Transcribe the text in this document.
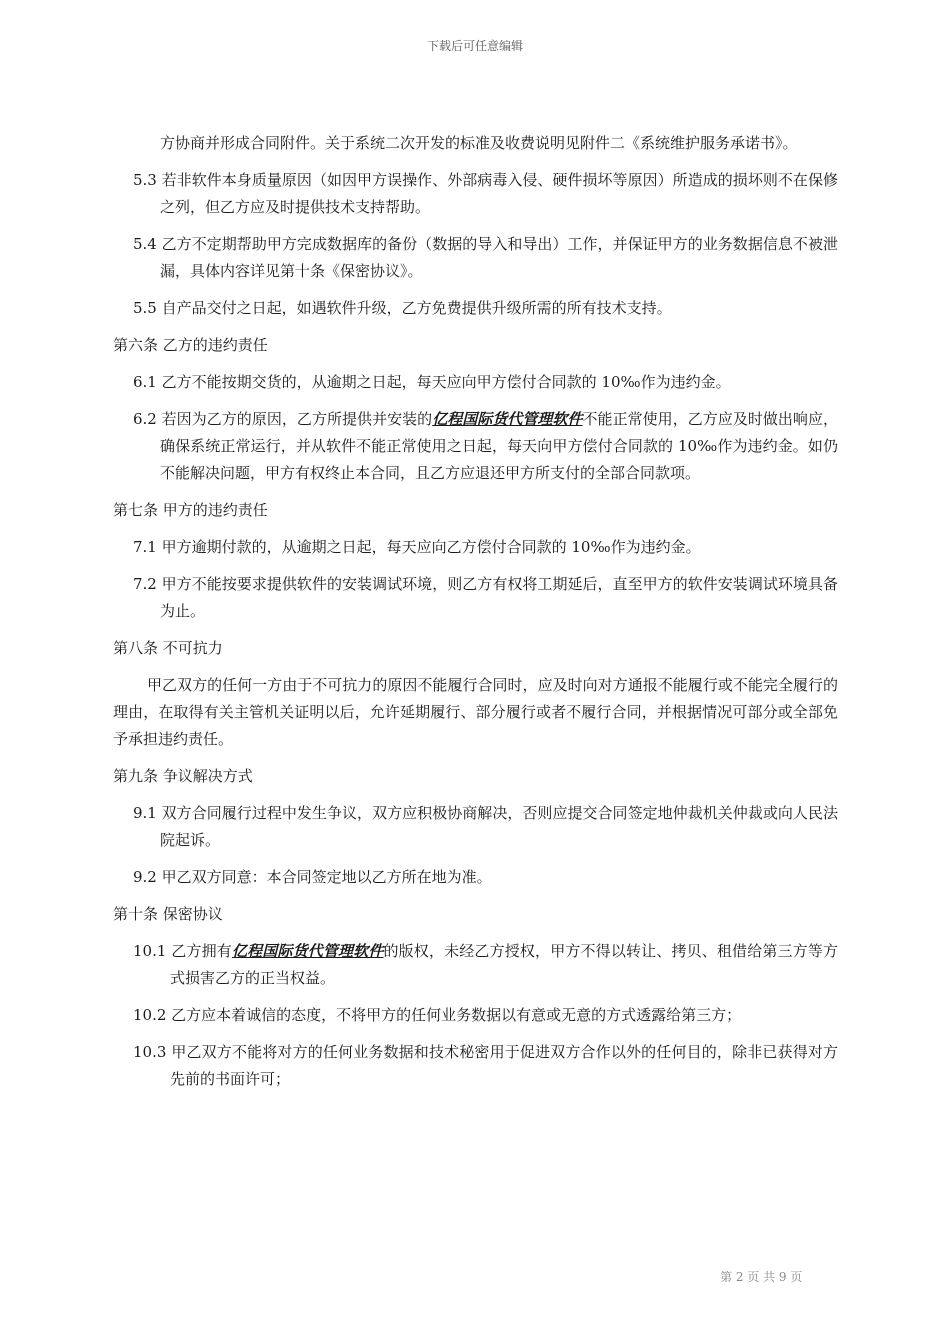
下载后可任意编辑

方协商并形成合同附件。关于系统二次开发的标准及收费说明见附件二《系统维护服务承诺书》。

5.3 若非软件本身质量原因（如因甲方误操作、外部病毒入侵、硬件损坏等原因）所造成的损坏则不在保修之列，但乙方应及时提供技术支持帮助。

5.4 乙方不定期帮助甲方完成数据库的备份（数据的导入和导出）工作，并保证甲方的业务数据信息不被泄漏，具体内容详见第十条《保密协议》。

5.5 自产品交付之日起，如遇软件升级，乙方免费提供升级所需的所有技术支持。

第六条 乙方的违约责任

6.1 乙方不能按期交货的，从逾期之日起，每天应向甲方偿付合同款的 10‰作为违约金。

6.2 若因为乙方的原因，乙方所提供并安装的亿程国际货代管理软件不能正常使用，乙方应及时做出响应，确保系统正常运行，并从软件不能正常使用之日起，每天向甲方偿付合同款的 10‰作为违约金。如仍不能解决问题，甲方有权终止本合同，且乙方应退还甲方所支付的全部合同款项。

第七条 甲方的违约责任

7.1 甲方逾期付款的，从逾期之日起，每天应向乙方偿付合同款的 10‰作为违约金。

7.2 甲方不能按要求提供软件的安装调试环境，则乙方有权将工期延后，直至甲方的软件安装调试环境具备为止。

第八条 不可抗力

甲乙双方的任何一方由于不可抗力的原因不能履行合同时，应及时向对方通报不能履行或不能完全履行的理由，在取得有关主管机关证明以后，允许延期履行、部分履行或者不履行合同，并根据情况可部分或全部免予承担违约责任。

第九条 争议解决方式

9.1 双方合同履行过程中发生争议，双方应积极协商解决，否则应提交合同签定地仲裁机关仲裁或向人民法院起诉。

9.2 甲乙双方同意：本合同签定地以乙方所在地为准。

第十条 保密协议

10.1 乙方拥有亿程国际货代管理软件的版权，未经乙方授权，甲方不得以转让、拷贝、租借给第三方等方式损害乙方的正当权益。

10.2 乙方应本着诚信的态度，不将甲方的任何业务数据以有意或无意的方式透露给第三方；

10.3 甲乙双方不能将对方的任何业务数据和技术秘密用于促进双方合作以外的任何目的，除非已获得对方先前的书面许可；

第 2 页 共 9 页
